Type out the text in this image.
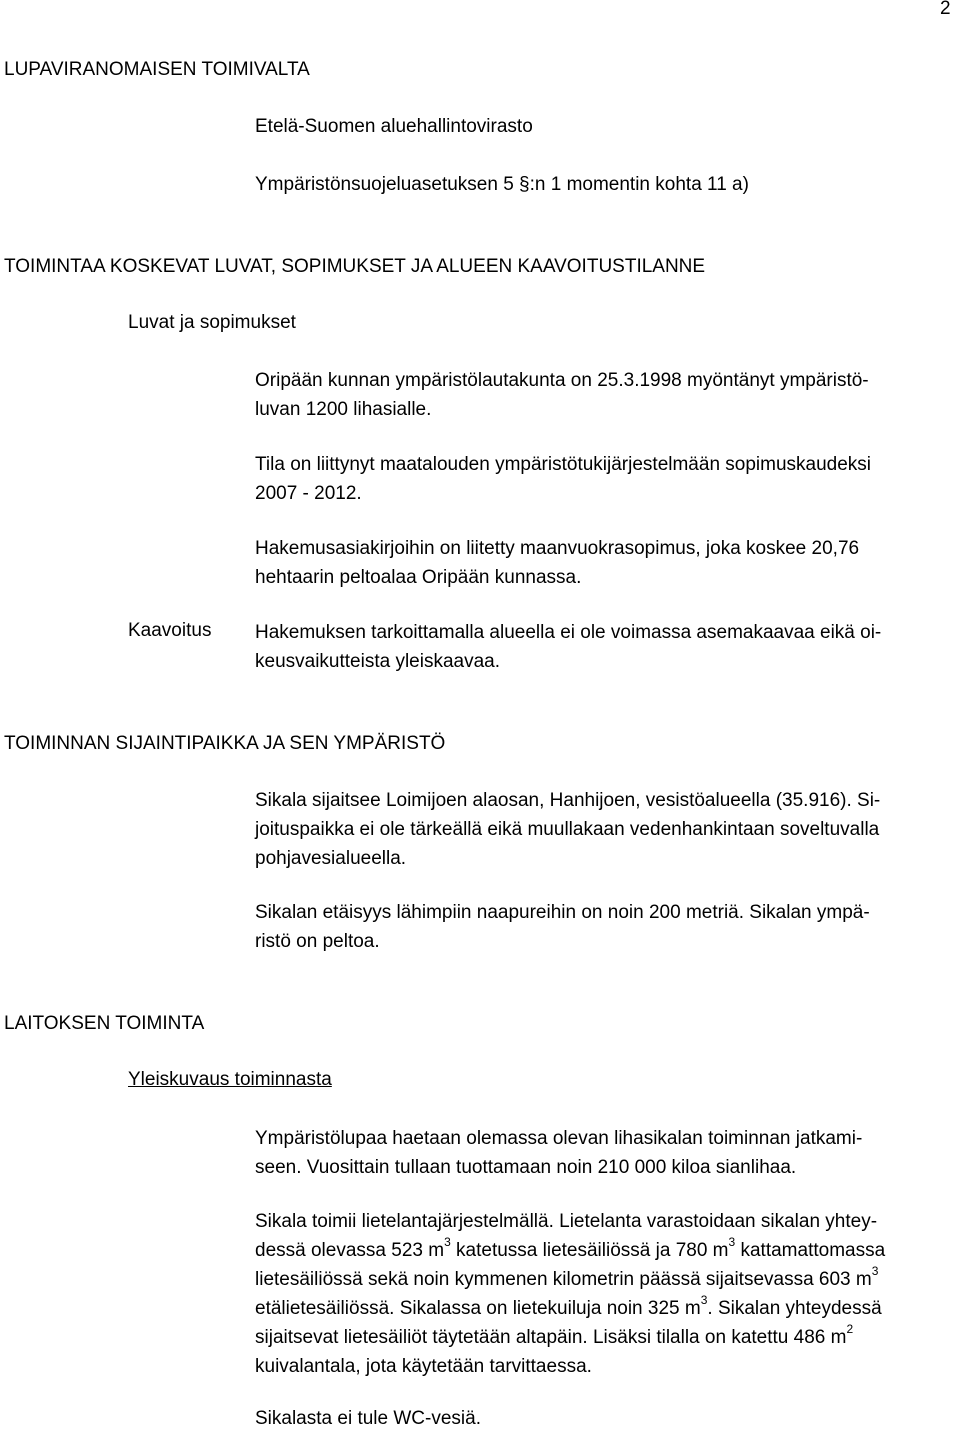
2
LUPAVIRANOMAISEN TOIMIVALTA
Etelä-Suomen aluehallintovirasto
Ympäristönsuojeluasetuksen 5 §:n 1 momentin kohta 11 a)
TOIMINTAA KOSKEVAT LUVAT, SOPIMUKSET JA ALUEEN KAAVOITUSTILANNE
Luvat ja sopimukset
Oripään kunnan ympäristölautakunta on 25.3.1998 myöntänyt ympäristö-
luvan 1200 lihasialle.
Tila on liittynyt maatalouden ympäristötukijärjestelmään sopimuskaudeksi
2007 - 2012.
Hakemusasiakirjoihin on liitetty maanvuokrasopimus, joka koskee 20,76
hehtaarin peltoalaa Oripään kunnassa.
Kaavoitus Hakemuksen tarkoittamalla alueella ei ole voimassa asemakaavaa eikä oi-
keusvaikutteista yleiskaavaa.
TOIMINNAN SIJAINTIPAIKKA JA SEN YMPÄRISTÖ
Sikala sijaitsee Loimijoen alaosan, Hanhijoen, vesistöalueella (35.916). Si-
joituspaikka ei ole tärkeällä eikä muullakaan vedenhankintaan soveltuvalla
pohjavesialueella.
Sikalan etäisyys lähimpiin naapureihin on noin 200 metriä. Sikalan ympä-
ristö on peltoa.
LAITOKSEN TOIMINTA
Yleiskuvaus toiminnasta
Ympäristölupaa haetaan olemassa olevan lihasikalan toiminnan jatkami-
seen. Vuosittain tullaan tuottamaan noin 210 000 kiloa sianlihaa.
Sikala toimii lietelantajärjestelmällä. Lietelanta varastoidaan sikalan yhtey-
dessä olevassa 523 $m^3$ katetussa lietesäiliössä ja 780 $m^3$ kattamattomassa
lietesäiliössä sekä noin kymmenen kilometrin päässä sijaitsevassa 603 $m^3$
etälietesäiliössä. Sikalassa on lietekuiluja noin 325 $m^3$. Sikalan yhteydessä
sijaitsevat lietesäiliöt täytetään altapäin. Lisäksi tilalla on katettu 486 $m^2$
kuivalantala, jota käytetään tarvittaessa.
Sikalasta ei tule WC-vesiä.
